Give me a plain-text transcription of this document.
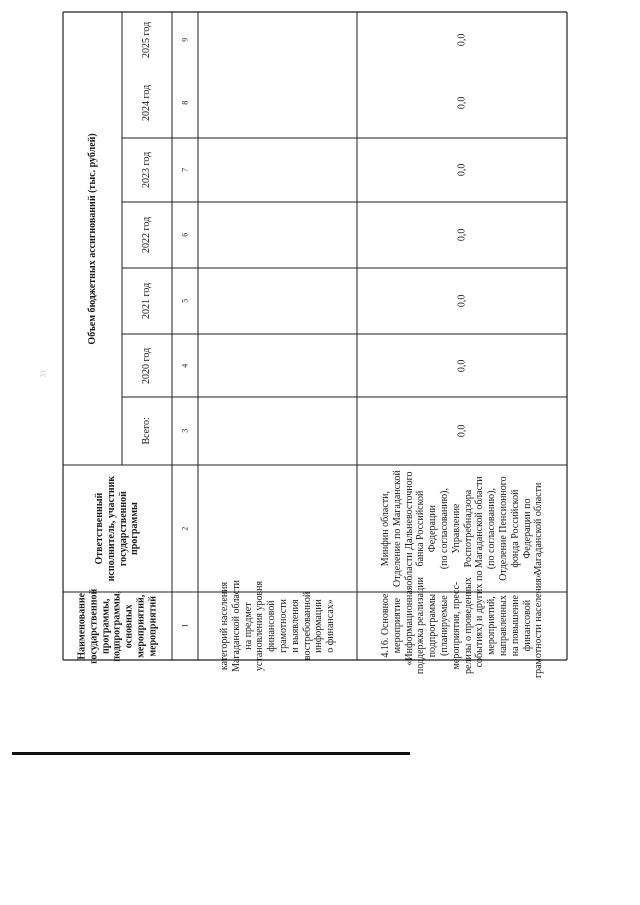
Наименование
государственной
программы,
подпрограммы,
основных
мероприятий,
мероприятий
Ответственный
исполнитель, участник
государственной
программы
Объем бюджетных ассигнований (тыс. рублей)
Всего:
2020 год
2021 год
2022 год
2023 год
2024 год
2025 год
1
2
3
4
5
6
7
8
9
категорий населения
Магаданской области
на предмет
установления уровня
финансовой
грамотности
и выявления
востребованной
информации
о финансах»
4.16. Основное
мероприятие
«Информационная
поддержка реализации
подпрограммы
(планируемые
мероприятия, пресс-
релизы о проведенных
событиях) и других
мероприятий,
направленных
на повышение
финансовой
грамотности населения»
Минфин области,
Отделение по Магаданской
области Дальневосточного
банка Российской
Федерации
(по согласованию),
Управление
Роспотребнадзора
по Магаданской области
(по согласованию),
Отделение Пенсионного
фонда Российской
Федерации по
Магаданской области
0,0
0,0
0,0
0,0
0,0
0,0
0,0
33
